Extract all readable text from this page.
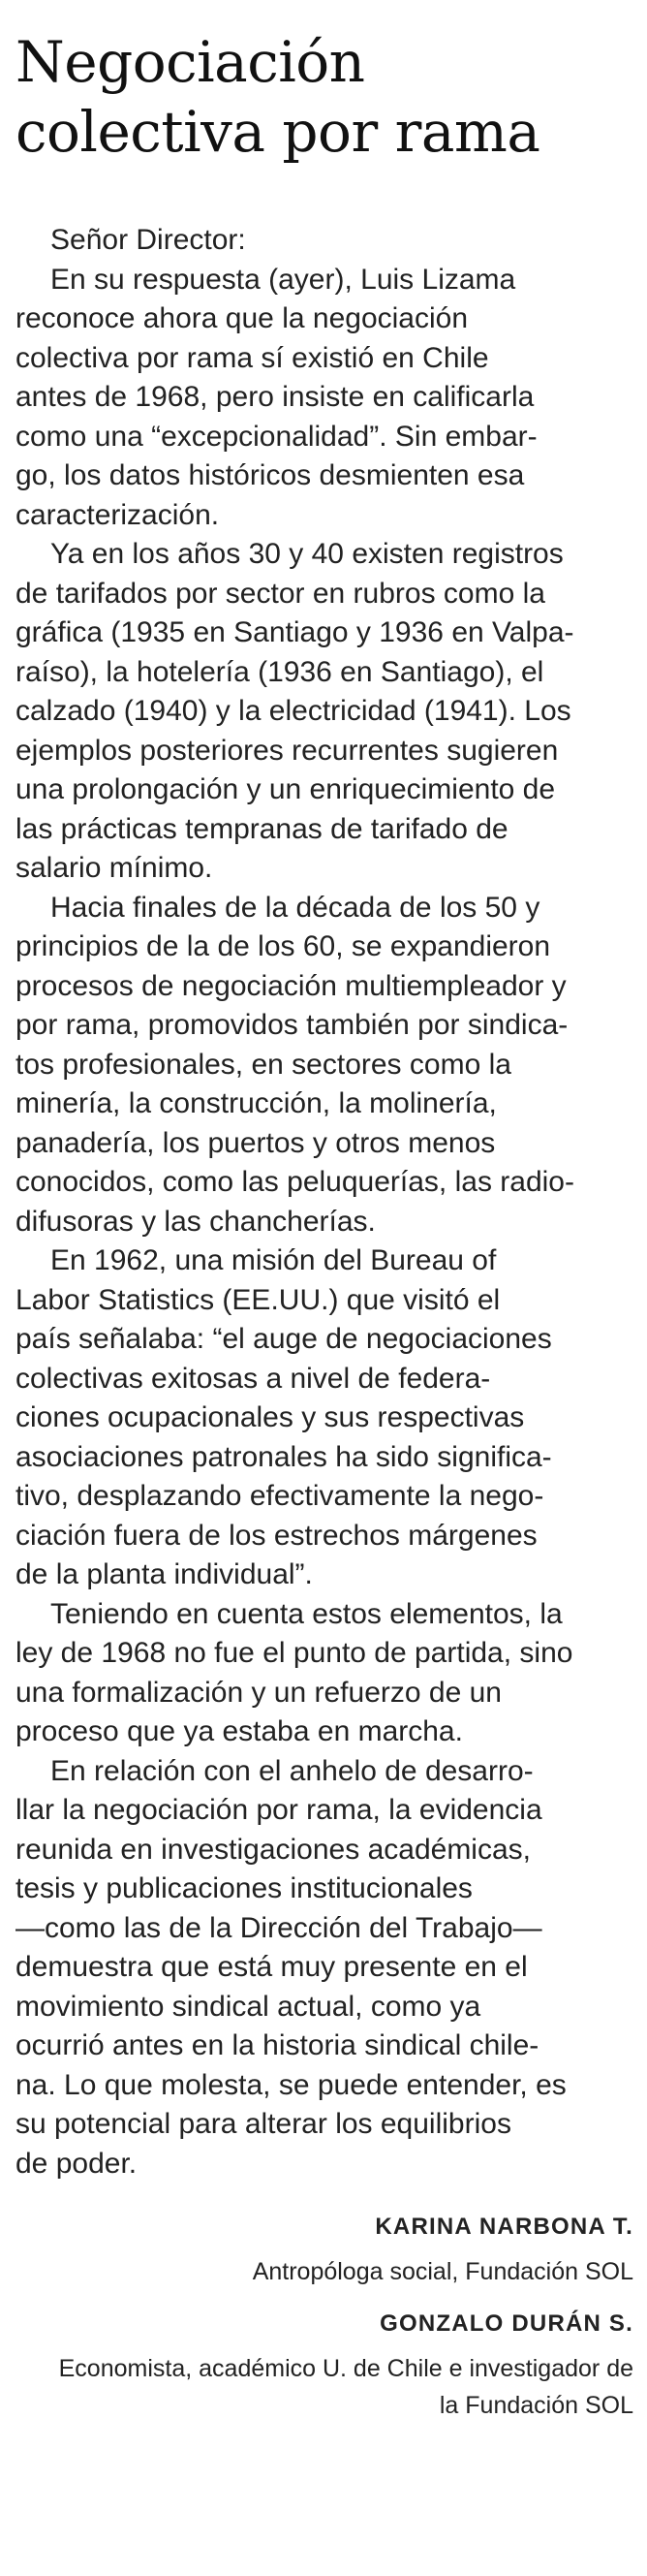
Negociación
colectiva por rama
Señor Director:
En su respuesta (ayer), Luis Lizama
reconoce ahora que la negociación
colectiva por rama sí existió en Chile
antes de 1968, pero insiste en calificarla
como una “excepcionalidad”. Sin embar-
go, los datos históricos desmienten esa
caracterización.
Ya en los años 30 y 40 existen registros
de tarifados por sector en rubros como la
gráfica (1935 en Santiago y 1936 en Valpa-
raíso), la hotelería (1936 en Santiago), el
calzado (1940) y la electricidad (1941). Los
ejemplos posteriores recurrentes sugieren
una prolongación y un enriquecimiento de
las prácticas tempranas de tarifado de
salario mínimo.
Hacia finales de la década de los 50 y
principios de la de los 60, se expandieron
procesos de negociación multiempleador y
por rama, promovidos también por sindica-
tos profesionales, en sectores como la
minería, la construcción, la molinería,
panadería, los puertos y otros menos
conocidos, como las peluquerías, las radio-
difusoras y las chancherías.
En 1962, una misión del Bureau of
Labor Statistics (EE.UU.) que visitó el
país señalaba: “el auge de negociaciones
colectivas exitosas a nivel de federa-
ciones ocupacionales y sus respectivas
asociaciones patronales ha sido significa-
tivo, desplazando efectivamente la nego-
ciación fuera de los estrechos márgenes
de la planta individual”.
Teniendo en cuenta estos elementos, la
ley de 1968 no fue el punto de partida, sino
una formalización y un refuerzo de un
proceso que ya estaba en marcha.
En relación con el anhelo de desarro-
llar la negociación por rama, la evidencia
reunida en investigaciones académicas,
tesis y publicaciones institucionales
—como las de la Dirección del Trabajo—
demuestra que está muy presente en el
movimiento sindical actual, como ya
ocurrió antes en la historia sindical chile-
na. Lo que molesta, se puede entender, es
su potencial para alterar los equilibrios
de poder.
KARINA NARBONA T.
Antropóloga social, Fundación SOL
GONZALO DURÁN S.
Economista, académico U. de Chile e investigador de
la Fundación SOL
